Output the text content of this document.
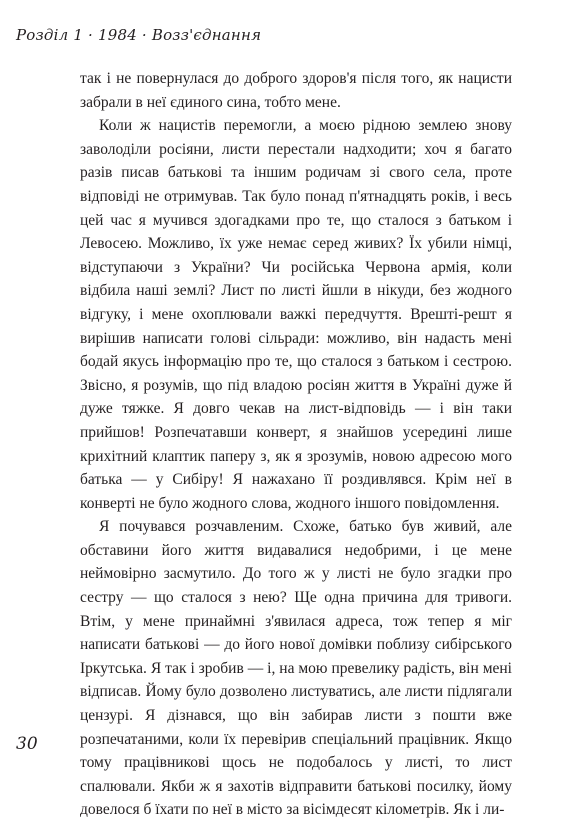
Розділ 1 · 1984 · Возз'єднання

так і не повернулася до доброго здоров'я після того, як нацисти забрали в неї єдиного сина, тобто мене.

Коли ж нацистів перемогли, а моєю рідною землею знову заволоділи росіяни, листи перестали надходити; хоч я багато разів писав батькові та іншим родичам зі свого села, проте відповіді не отримував. Так було понад п'ятнадцять років, і весь цей час я мучився здогадками про те, що сталося з батьком і Левосею. Можливо, їх уже немає серед живих? Їх убили німці, відступаючи з України? Чи російська Червона армія, коли відбила наші землі? Лист по листі йшли в нікуди, без жодного відгуку, і мене охоплювали важкі передчуття. Врешті-решт я вирішив написати голові сільради: можливо, він надасть мені бодай якусь інформацію про те, що сталося з батьком і сестрою. Звісно, я розумів, що під владою росіян життя в Україні дуже й дуже тяжке. Я довго чекав на лист-відповідь — і він таки прийшов! Розпечатавши конверт, я знайшов усередині лише крихітний клаптик паперу з, як я зрозумів, новою адресою мого батька — у Сибіру! Я нажахано її роздивлявся. Крім неї в конверті не було жодного слова, жодного іншого повідомлення.

Я почувався розчавленим. Схоже, батько був живий, але обставини його життя видавалися недобрими, і це мене неймовірно засмутило. До того ж у листі не було згадки про сестру — що сталося з нею? Ще одна причина для тривоги. Втім, у мене принаймні з'явилася адреса, тож тепер я міг написати батькові — до його нової домівки поблизу сибірського Іркутська. Я так і зробив — і, на мою превелику радість, він мені відписав. Йому було дозволено листуватись, але листи підлягали цензурі. Я дізнався, що він забирав листи з пошти вже розпечатаними, коли їх перевірив спеціальний працівник. Якщо тому працівникові щось не подобалось у листі, то лист спалювали. Якби ж я захотів відправити батькові посилку, йому довелося б їхати по неї в місто за вісімдесят кілометрів. Як і ли-

30
